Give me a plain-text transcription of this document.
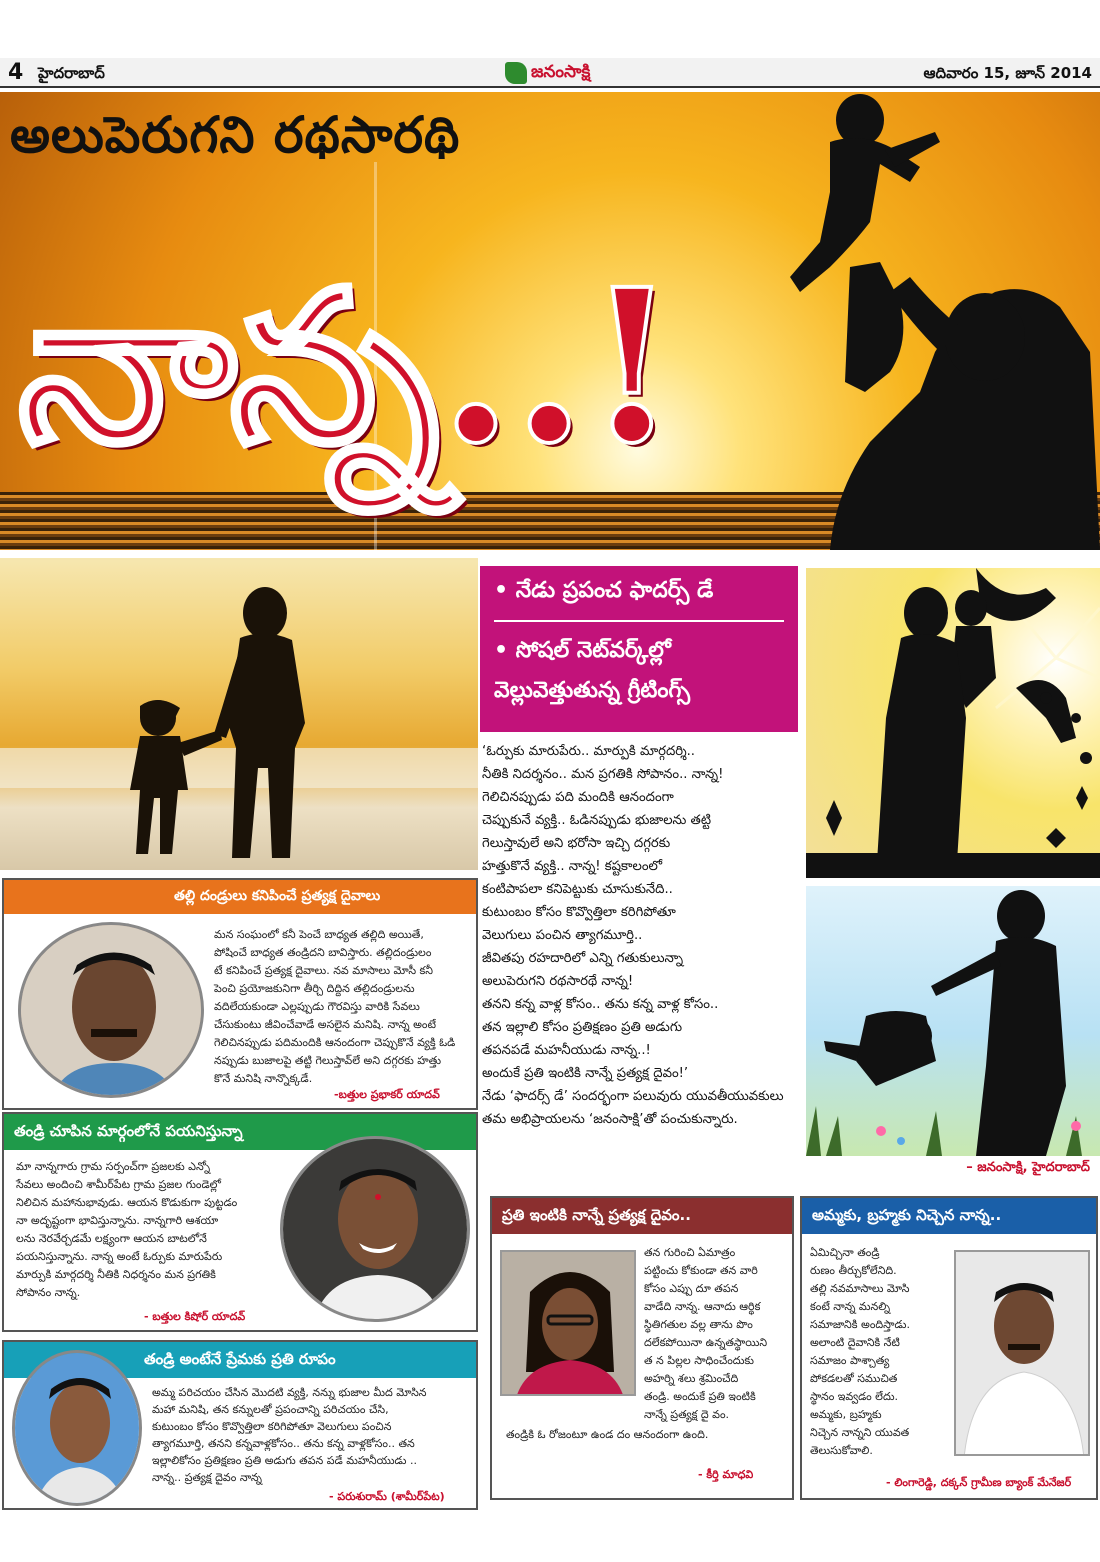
4 హైదరాబాద్	జనంసాక్షి	ఆదివారం 15, జూన్ 2014
అలుపెరుగని రథసారథి
నాన్న..!
• నేడు ప్రపంచ ఫాదర్స్ డే
• సోషల్ నెట్‌వర్క్‌ల్లో
వెల్లువెత్తుతున్న గ్రీటింగ్స్
‘ఓర్పుకు మారుపేరు.. మార్పుకి మార్గదర్శి..
నీతికి నిదర్శనం.. మన ప్రగతికి సోపానం.. నాన్న!
గెలిచినప్పుడు పది మందికి ఆనందంగా
చెప్పుకునే వ్యక్తి.. ఓడినప్పుడు భుజాలను తట్టి
గెలుస్తావులే అని భరోసా ఇచ్చి దగ్గరకు
హత్తుకొనే వ్యక్తి.. నాన్న! కష్టకాలంలో
కంటిపాపలా కనిపెట్టుకు చూసుకునేది..
కుటుంబం కోసం కొవ్వొత్తిలా కరిగిపోతూ
వెలుగులు పంచిన త్యాగమూర్తి..
జీవితపు రహదారిలో ఎన్ని గతుకులున్నా
అలుపెరుగని రథసారథే నాన్న!
తనని కన్న వాళ్ల కోసం.. తను కన్న వాళ్ల కోసం..
తన ఇల్లాలి కోసం ప్రతిక్షణం ప్రతి అడుగు
తపనపడే మహనీయుడు నాన్న..!
అందుకే ప్రతి ఇంటికి నాన్నే ప్రత్యక్ష దైవం!’
నేడు ‘ఫాదర్స్ డే’ సందర్భంగా పలువురు యువతీయువకులు
తమ అభిప్రాయలను ‘జనంసాక్షి’తో పంచుకున్నారు.
– జనంసాక్షి, హైదరాబాద్
తల్లి దండ్రులు కనిపించే ప్రత్యక్ష దైవాలు
మన సంఘంలో కనీ పెంచే బాధ్యత తల్లిది అయితే,
పోషించే బాధ్యత తండ్రిదని బావిస్తారు. తల్లిదండ్రులం
టే కనిపించే ప్రత్యక్ష దైవాలు. నవ మాసాలు మోసీ కనీ
పెంచి ప్రయోజకునిగా తీర్చి దిద్దిన తల్లిదండ్రులను
వదిలేయకుండా ఎల్లప్పుడు గౌరవిస్తు వారికి సేవలు
చేసుకుంటు జీవించేవాడే అసలైన మనిషి. నాన్న అంటే
గెలిచినప్పుడు పదిమందికి ఆనందంగా చెప్పుకొనే వ్యక్తి ఓడి
నప్పుడు బుజాలపై తట్టి గెలుస్తావ్‌లే అని దగ్గరకు హత్తు
కొనే మనిషి నాన్నొక్కడే.
-బత్తుల ప్రభాకర్ యాదవ్
తండ్రి చూపిన మార్గంలోనే పయనిస్తున్నా
మా నాన్నగారు గ్రామ సర్పంచ్‌గా ప్రజలకు ఎన్నో
సేవలు అందించి శామీర్‌పేట గ్రామ ప్రజల గుండెల్లో
నిలిచిన మహానుభావుడు. ఆయన కొడుకుగా పుట్టడం
నా అదృష్టంగా భావిస్తున్నాను. నాన్నగారి ఆశయా
లను నెరవేర్చడమే లక్ష్యంగా ఆయన బాటలోనే
పయనిస్తున్నాను. నాన్న అంటే ఓర్పుకు మారుపేరు
మార్పుకి మార్గదర్శి నీతికి నిధర్శనం మన ప్రగతికి
సోపానం నాన్న.
- బత్తుల కిషోర్ యాదవ్
తండ్రి అంటేనే ప్రేమకు ప్రతి రూపం
అమ్మ పరిచయం చేసిన మొదటి వ్యక్తి, నన్ను భుజాల మీద మోసిన
మహా మనిషి, తన కన్నులతో ప్రపంచాన్ని పరిచయం చేసి,
కుటుంబం కోసం కొవ్వొత్తిలా కరిగిపోతూ వెలుగులు పంచిన
త్యాగమూర్తి, తనని కన్నవాళ్లకోసం.. తను కన్న వాళ్లకోసం.. తన
ఇల్లాలికోసం ప్రతిక్షణం ప్రతి అడుగు తపన పడే మహనీయుడు ..
నాన్న.. ప్రత్యక్ష దైవం నాన్న
- పరుశురామ్ (శామీర్‌పేట)
ప్రతి ఇంటికి నాన్నే ప్రత్యక్ష దైవం..
తన గురించి ఏమాత్రం
పట్టించు కోకుండా తన వారి
కోసం ఎప్పు దూ తపన
వాడేది నాన్న. ఆనాదు ఆర్థిక
స్థితిగతుల వల్ల తాను పొం
దలేకపోయినా ఉన్నతస్థాయిని
త న పిల్లల సాధించేందుకు
అహర్ని శలు శ్రమించేది
తండ్రి. అందుకే ప్రతి ఇంటికి
నాన్నే ప్రత్యక్ష దై వం.
తండ్రికి ఓ రోజంటూ ఉండ దం ఆనందంగా ఉంది.
- కీర్తి మాధవి
అమ్మకు, బ్రహ్మకు నిచ్చెన నాన్న..
ఏమిచ్చినా తండ్రి
రుణం తీర్చుకోలేనిది.
తల్లి నవమాసాలు మోసి
కంటే నాన్న మనల్ని
సమాజానికి అందిస్తాడు.
అలాంటి దైవానికి నేటి
సమాజం పాశ్చాత్య
పోకడలతో సముచిత
స్థానం ఇవ్వడం లేదు.
అమ్మకు, బ్రహ్మకు
నిచ్చెన నాన్నని యువత
తెలుసుకోవాలి.
- లింగారెడ్డి, దక్కన్ గ్రామీణ బ్యాంక్ మేనేజర్
